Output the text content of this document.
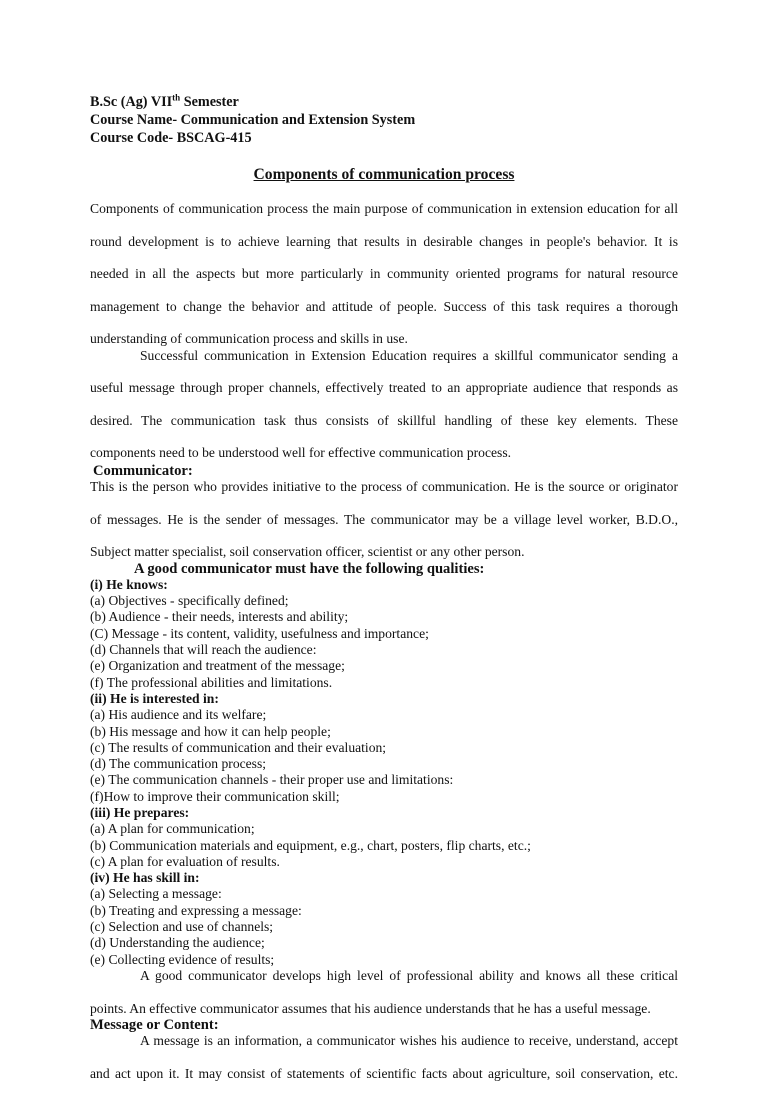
B.Sc (Ag) VIIth Semester
Course Name- Communication and Extension System
Course Code- BSCAG-415
Components of communication process

Components of communication process the main purpose of communication in extension education for all

round development is to achieve learning that results in desirable changes in people's behavior. It is

needed in all the aspects but more particularly in community oriented programs for natural resource

management to change the behavior and attitude of people. Success of this task requires a thorough

understanding of communication process and skills in use.

Successful communication in Extension Education requires a skillful communicator sending a

useful message through proper channels, effectively treated to an appropriate audience that responds as

desired. The communication task thus consists of skillful handling of these key elements. These

components need to be understood well for effective communication process.

Communicator:

This is the person who provides initiative to the process of communication. He is the source or originator

of messages. He is the sender of messages. The communicator may be a village level worker, B.D.O.,

Subject matter specialist, soil conservation officer, scientist or any other person.

A good communicator must have the following qualities:

(i) He knows:

(a) Objectives - specifically defined;

(b) Audience - their needs, interests and ability;

(C) Message - its content, validity, usefulness and importance;

(d) Channels that will reach the audience:

(e) Organization and treatment of the message;

(f) The professional abilities and limitations.

(ii) He is interested in:

(a) His audience and its welfare;

(b) His message and how it can help people;

(c) The results of communication and their evaluation;

(d) The communication process;

(e) The communication channels - their proper use and limitations:

(f)How to improve their communication skill;

(iii) He prepares:

(a) A plan for communication;

(b) Communication materials and equipment, e.g., chart, posters, flip charts, etc.;

(c) A plan for evaluation of results.

(iv) He has skill in:

(a) Selecting a message:

(b) Treating and expressing a message:

(c) Selection and use of channels;

(d) Understanding the audience;

(e) Collecting evidence of results;

A good communicator develops high level of professional ability and knows all these critical

points. An effective communicator assumes that his audience understands that he has a useful message.

Message or Content:

A message is an information, a communicator wishes his audience to receive, understand, accept

and act upon it. It may consist of statements of scientific facts about agriculture, soil conservation, etc.
